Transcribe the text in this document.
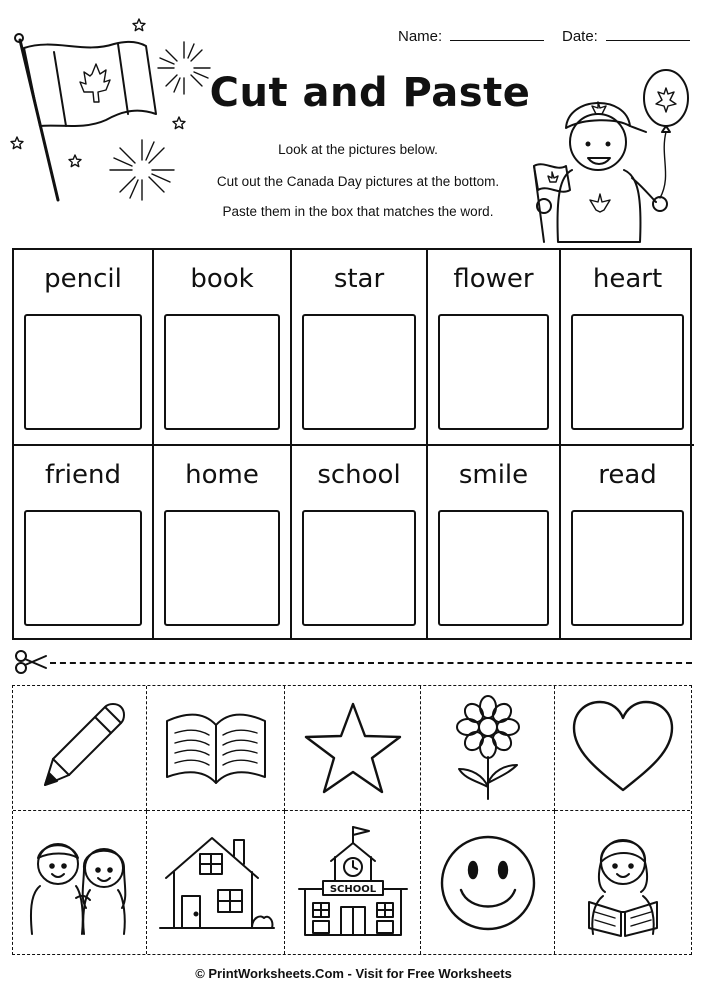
Name:	Date:
Cut and Paste
Look at the pictures below.
Cut out the Canada Day pictures at the bottom.
Paste them in the box that matches the word.
pencil	book	star	flower	heart
friend	home	school	smile	read
SCHOOL
© PrintWorksheets.Com - Visit for Free Worksheets
